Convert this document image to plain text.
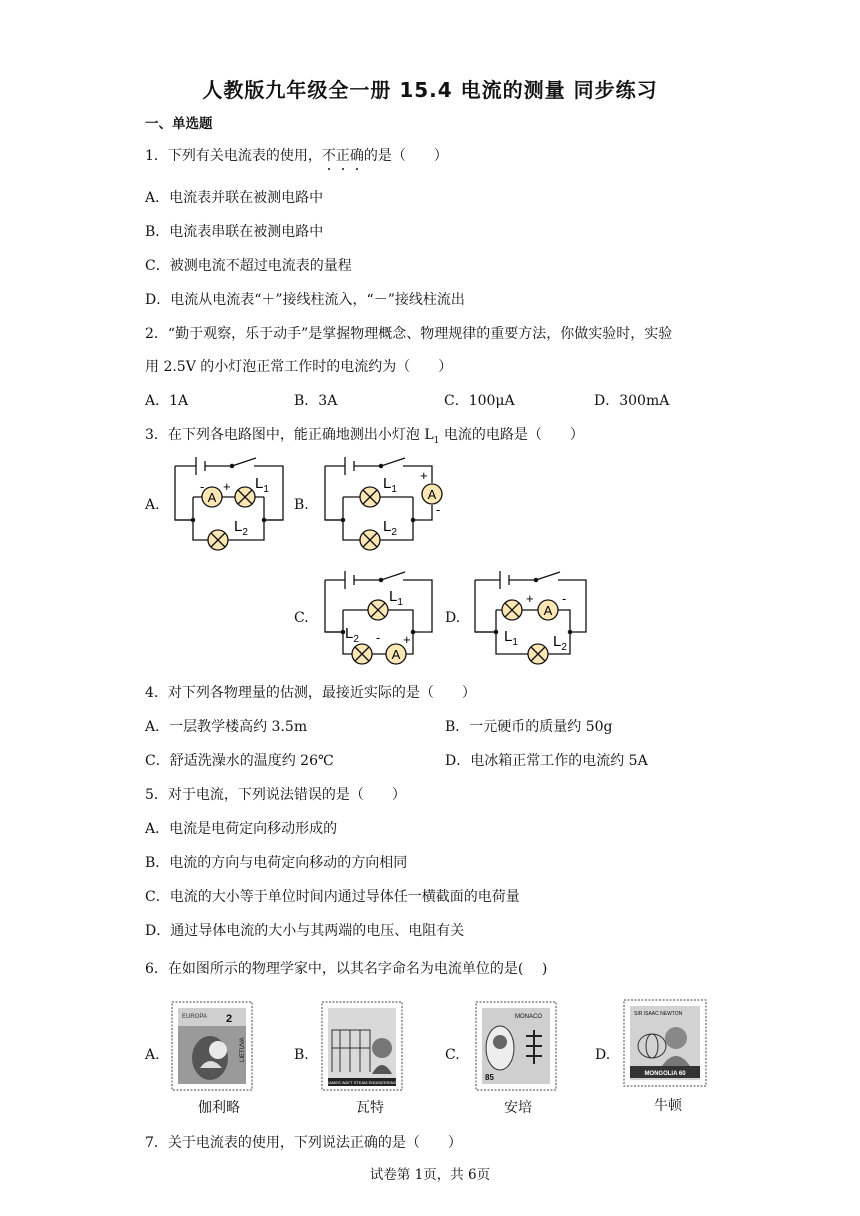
人教版九年级全一册 15.4 电流的测量 同步练习
一、单选题
1．下列有关电流表的使用，不
正
确
的是（　　）
A．电流表并联在被测电路中
B．电流表串联在被测电路中
C．被测电流不超过电流表的量程
D．电流从电流表“＋”接线柱流入，“－”接线柱流出
2．“勤于观察，乐于动手”是掌握物理概念、物理规律的重要方法，你做实验时，实验
用 2.5V 的小灯泡正常工作时的电流约为（　　）
A．1A	B．3A	C．100μA	D．300mA
3．在下列各电路图中，能正确地测出小灯泡 $L_1$ 电流的电路是（　　）
A.	B.
C.	D.
A
- + $L_1$
$L_2$
$L_1$
$L_2$
A
+
-
$L_1$
$L_2$
A
- +
A
+ -
$L_1$ $L_2$
4．对下列各物理量的估测，最接近实际的是（　　）
A．一层教学楼高约 3.5m	B．一元硬币的质量约 50g
C．舒适洗澡水的温度约 26℃	D．电冰箱正常工作的电流约 5A
5．对于电流，下列说法错误的是（　　）
A．电流是电荷定向移动形成的
B．电流的方向与电荷定向移动的方向相同
C．电流的大小等于单位时间内通过导体任一横截面的电荷量
D．通过导体电流的大小与其两端的电压、电阻有关
6．在如图所示的物理学家中，以其名字命名为电流单位的是(　 )
A.	B.	C.	D.
EUROPA 2
LIETUVA
JAMES WATT STEAM ENGINEERING
MONACO
85
SIR ISAAC NEWTON
MONGOLIA 60
伽利略	瓦特	安培	牛顿
7．关于电流表的使用，下列说法正确的是（　　）
试卷第 1页，共 6页
